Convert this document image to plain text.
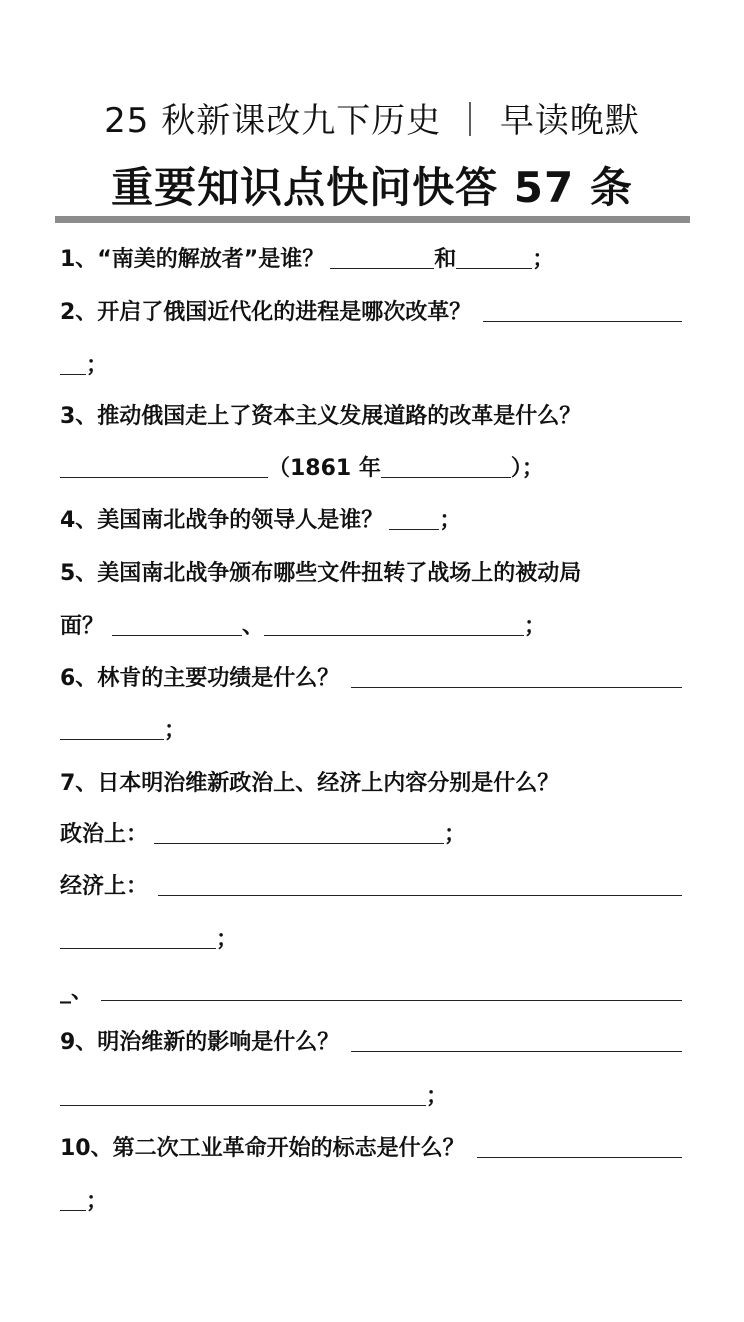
25 秋新课改九下历史 ｜ 早读晚默
重要知识点快问快答 57 条
1、“南美的解放者”是谁？	和	；
2、开启了俄国近代化的进程是哪次改革？
；
3、推动俄国走上了资本主义发展道路的改革是什么？
（1861 年	）；
4、美国南北战争的领导人是谁？	；
5、美国南北战争颁布哪些文件扭转了战场上的被动局
面？	、	；
6、林肯的主要功绩是什么？
；
7、日本明治维新政治上、经济上内容分别是什么？
政治上：	；
经济上：
；
_、
9、明治维新的影响是什么？
；
10、第二次工业革命开始的标志是什么？
；
